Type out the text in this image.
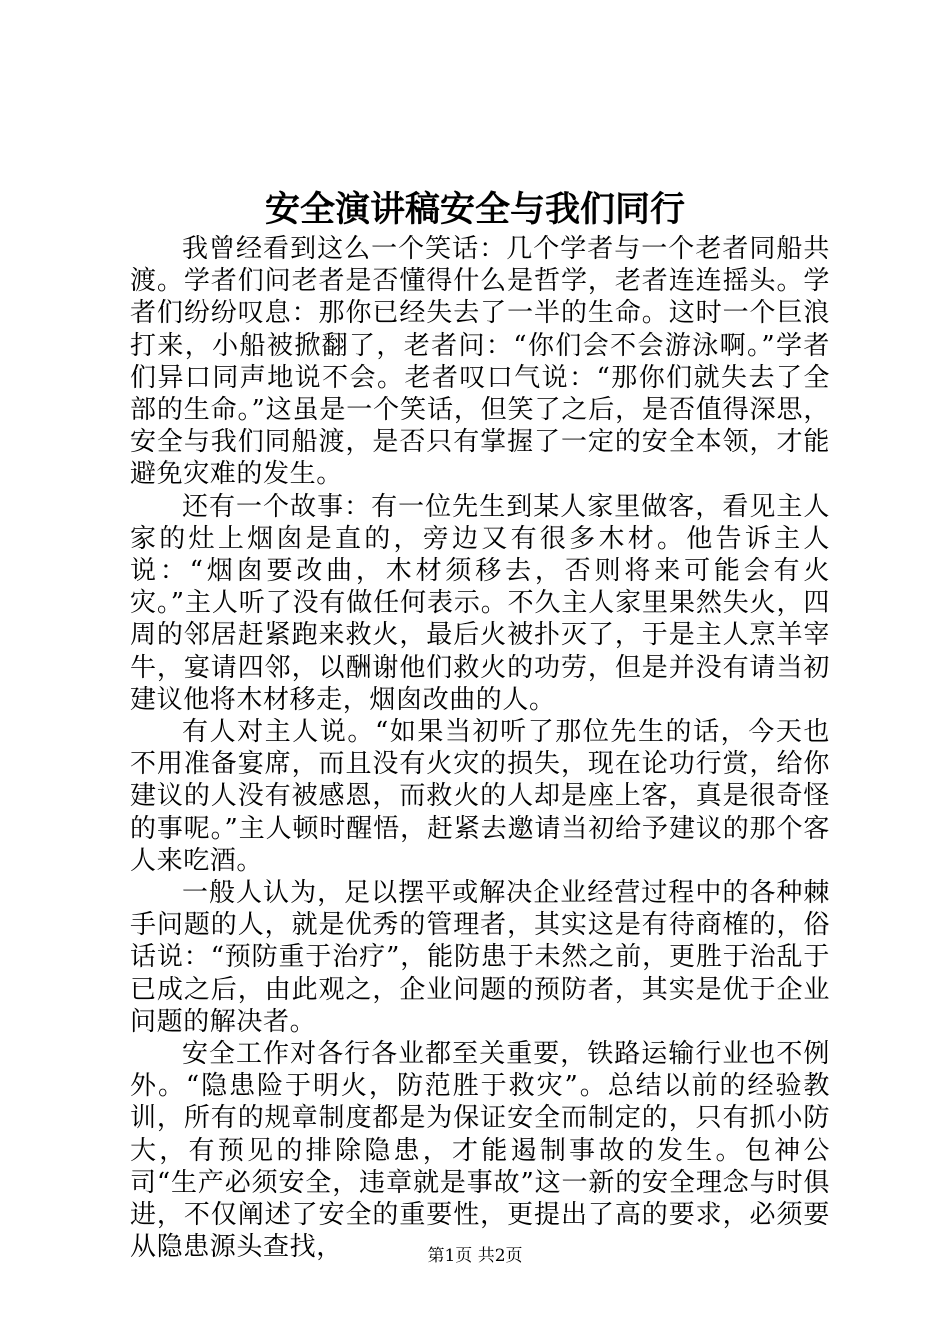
安全演讲稿安全与我们同行

我曾经看到这么一个笑话：几个学者与一个老者同船共渡。学者们问老者是否懂得什么是哲学，老者连连摇头。学者们纷纷叹息：那你已经失去了一半的生命。这时一个巨浪打来，小船被掀翻了，老者问：“你们会不会游泳啊。”学者们异口同声地说不会。老者叹口气说：“那你们就失去了全部的生命。”这虽是一个笑话，但笑了之后，是否值得深思，安全与我们同船渡，是否只有掌握了一定的安全本领，才能避免灾难的发生。

还有一个故事：有一位先生到某人家里做客，看见主人家的灶上烟囱是直的，旁边又有很多木材。他告诉主人说：“烟囱要改曲，木材须移去，否则将来可能会有火灾。”主人听了没有做任何表示。不久主人家里果然失火，四周的邻居赶紧跑来救火，最后火被扑灭了，于是主人烹羊宰牛，宴请四邻，以酬谢他们救火的功劳，但是并没有请当初建议他将木材移走，烟囱改曲的人。

有人对主人说。“如果当初听了那位先生的话，今天也不用准备宴席，而且没有火灾的损失，现在论功行赏，给你建议的人没有被感恩，而救火的人却是座上客，真是很奇怪的事呢。”主人顿时醒悟，赶紧去邀请当初给予建议的那个客人来吃酒。

一般人认为，足以摆平或解决企业经营过程中的各种棘手问题的人，就是优秀的管理者，其实这是有待商榷的，俗话说：“预防重于治疗”，能防患于未然之前，更胜于治乱于已成之后，由此观之，企业问题的预防者，其实是优于企业问题的解决者。

安全工作对各行各业都至关重要，铁路运输行业也不例外。“隐患险于明火，防范胜于救灾”。总结以前的经验教训，所有的规章制度都是为保证安全而制定的，只有抓小防大，有预见的排除隐患，才能遏制事故的发生。包神公司“生产必须安全，违章就是事故”这一新的安全理念与时俱进，不仅阐述了安全的重要性，更提出了高的要求，必须要从隐患源头查找，	第1页 共2页
